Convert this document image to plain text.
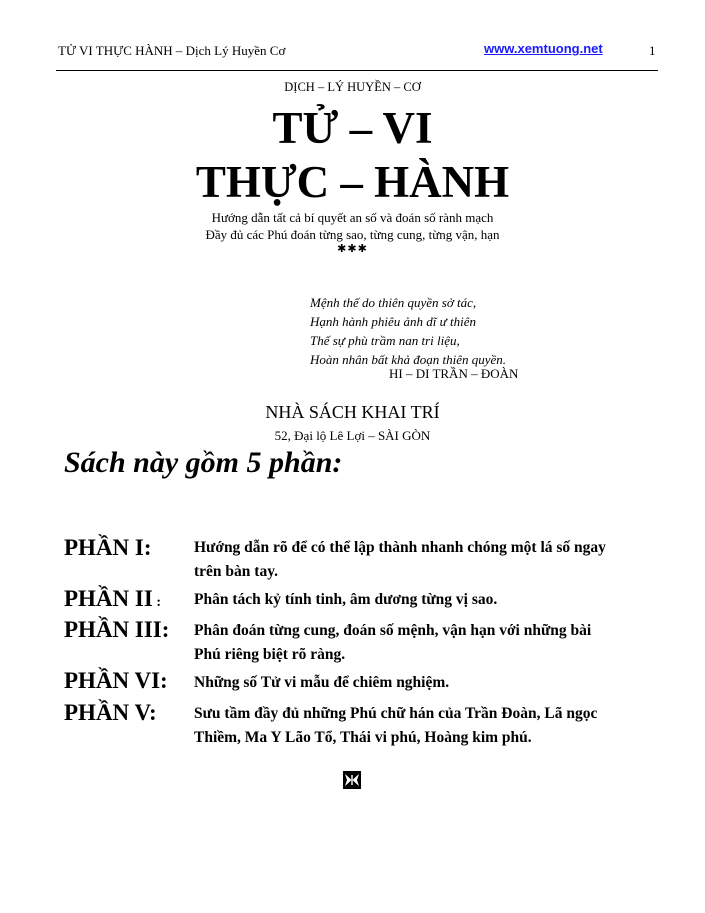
TỬ VI THỰC HÀNH – Dịch Lý Huyền Cơ	www.xemtuong.net	1
DỊCH – LÝ HUYỀN – CƠ
TỬ – VI
THỰC – HÀNH
Hướng dẫn tất cả bí quyết an số và đoán số rành mạch
Đầy đủ các Phú đoán từng sao, từng cung, từng vận, hạn
✱✱✱
Mệnh thế do thiên quyền sở tác,
Hạnh hành phiêu ảnh dĩ ư thiên
Thế sự phù trầm nan tri liệu,
Hoàn nhân bất khả đoạn thiên quyền.
HI – DI TRẦN – ĐOÀN
NHÀ SÁCH KHAI TRÍ
52, Đại lộ Lê Lợi – SÀI GÒN
Sách này gồm 5 phần:
PHẦN I:	Hướng dẫn rõ để có thể lập thành nhanh chóng một lá số ngay
trên bàn tay.
PHẦN II : Phân tách kỷ tính tinh, âm dương từng vị sao.
PHẦN III: Phân đoán từng cung, đoán số mệnh, vận hạn với những bài
Phú riêng biệt rõ ràng.
PHẦN VI: Những số Tử vi mẫu để chiêm nghiệm.
PHẦN V: Sưu tầm đầy đủ những Phú chữ hán của Trần Đoàn, Lã ngọc
Thiềm, Ma Y Lão Tổ, Thái vi phú, Hoàng kim phú.
